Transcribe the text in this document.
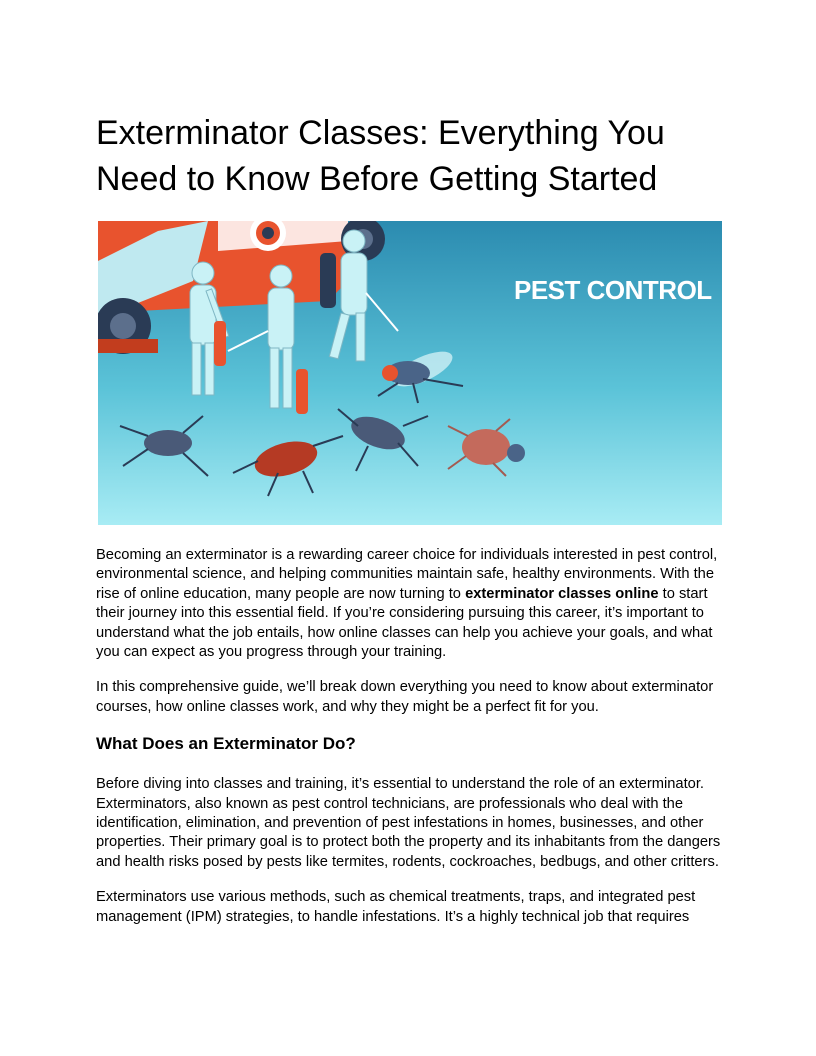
Exterminator Classes: Everything You Need to Know Before Getting Started
PEST CONTROL

Becoming an exterminator is a rewarding career choice for individuals interested in pest control, environmental science, and helping communities maintain safe, healthy environments. With the rise of online education, many people are now turning to exterminator classes online to start their journey into this essential field. If you’re considering pursuing this career, it’s important to understand what the job entails, how online classes can help you achieve your goals, and what you can expect as you progress through your training.

In this comprehensive guide, we’ll break down everything you need to know about exterminator courses, how online classes work, and why they might be a perfect fit for you.

What Does an Exterminator Do?

Before diving into classes and training, it’s essential to understand the role of an exterminator. Exterminators, also known as pest control technicians, are professionals who deal with the identification, elimination, and prevention of pest infestations in homes, businesses, and other properties. Their primary goal is to protect both the property and its inhabitants from the dangers and health risks posed by pests like termites, rodents, cockroaches, bedbugs, and other critters.

Exterminators use various methods, such as chemical treatments, traps, and integrated pest management (IPM) strategies, to handle infestations. It’s a highly technical job that requires
